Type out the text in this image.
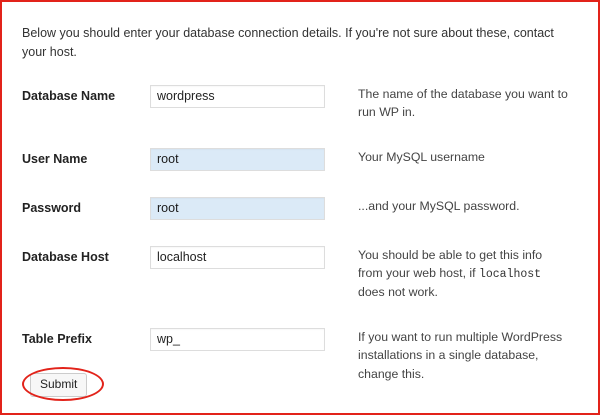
Below you should enter your database connection details. If you're not sure about these, contact your host.

Database Name	wordpress	The name of the database you want to run WP in.
User Name	root	Your MySQL username
Password	root	...and your MySQL password.
Database Host	localhost	You should be able to get this info from your web host, if localhost does not work.
Table Prefix	wp_	If you want to run multiple WordPress installations in a single database, change this.
Submit
